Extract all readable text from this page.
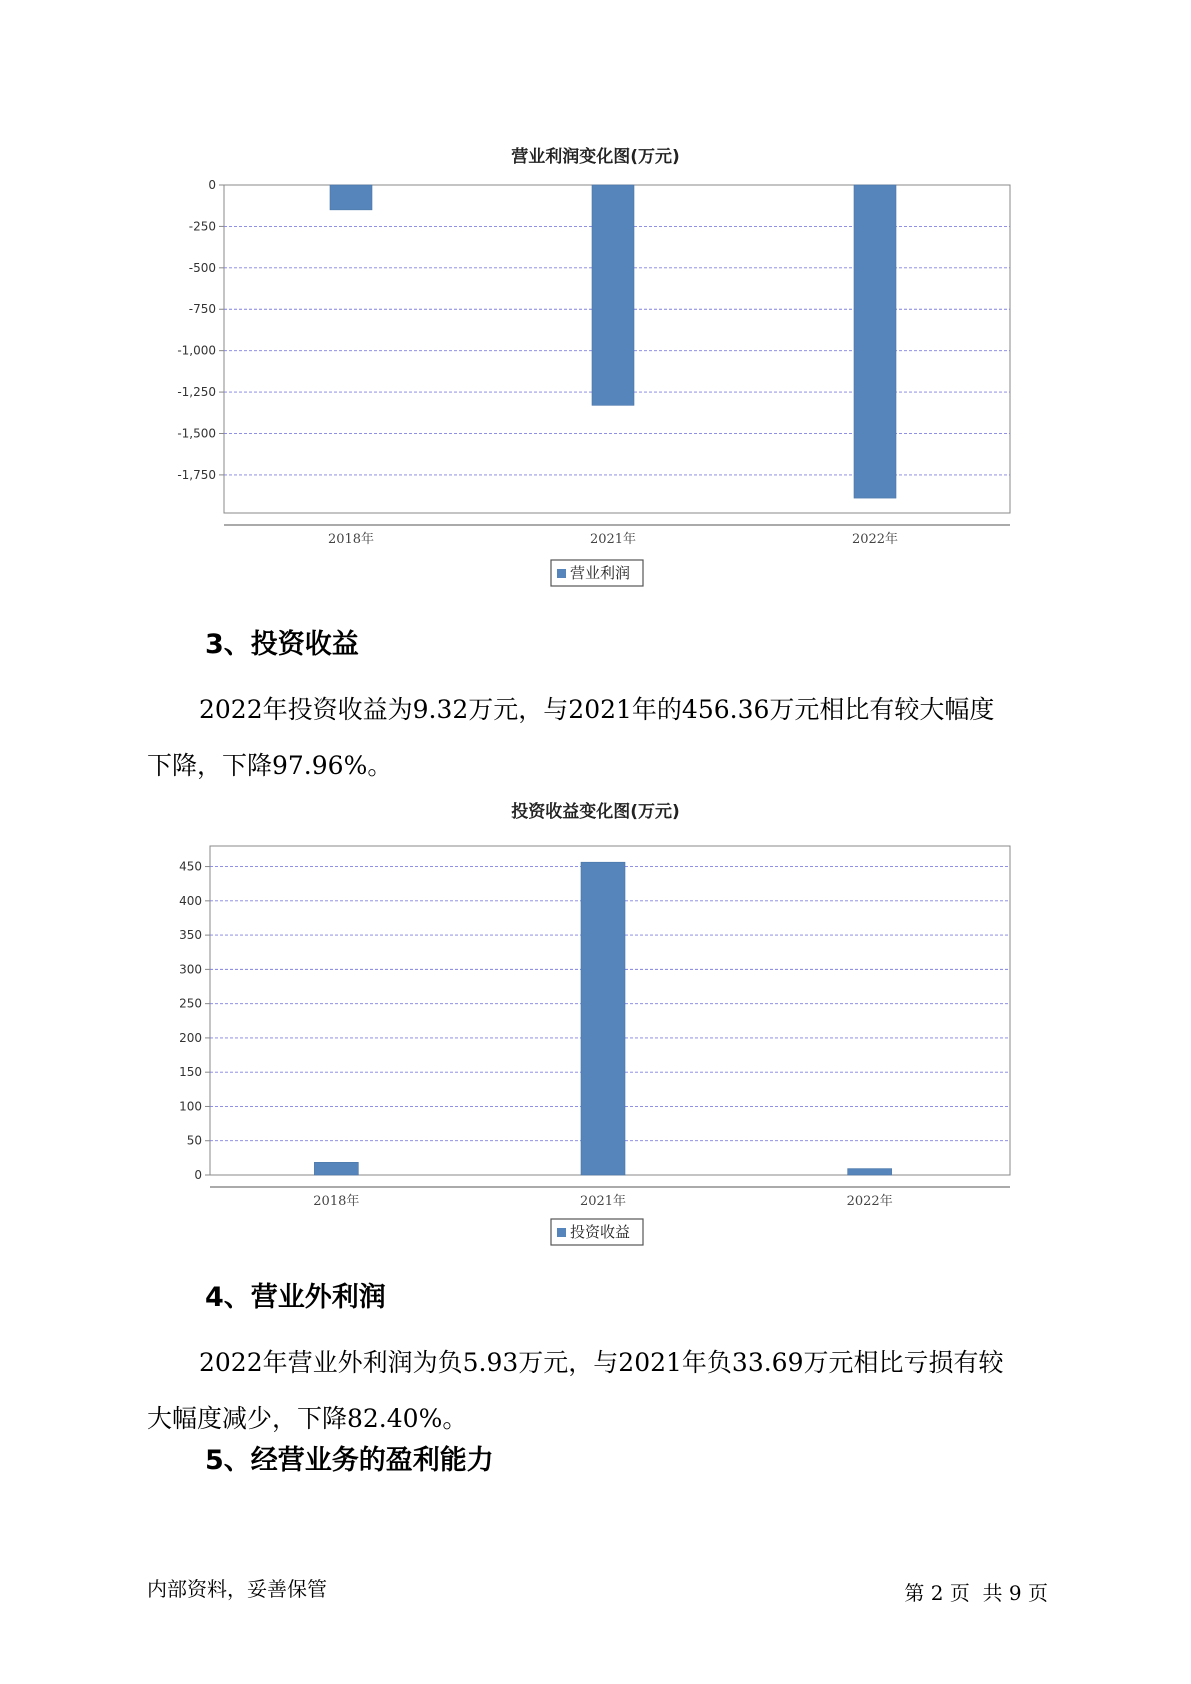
营业利润变化图(万元)
0
-250
-500
-750
-1,000
-1,250
-1,500
-1,750
2018年	2021年	2022年
营业利润
3、投资收益
2022年投资收益为9.32万元，与2021年的456.36万元相比有较大幅度
下降，下降97.96%。
投资收益变化图(万元)
0
50
100
150
200
250
300
350
400
450
2018年	2021年	2022年
投资收益
4、营业外利润
2022年营业外利润为负5.93万元，与2021年负33.69万元相比亏损有较
大幅度减少，下降82.40%。
5、经营业务的盈利能力
内部资料，妥善保管	第 2 页  共 9 页
